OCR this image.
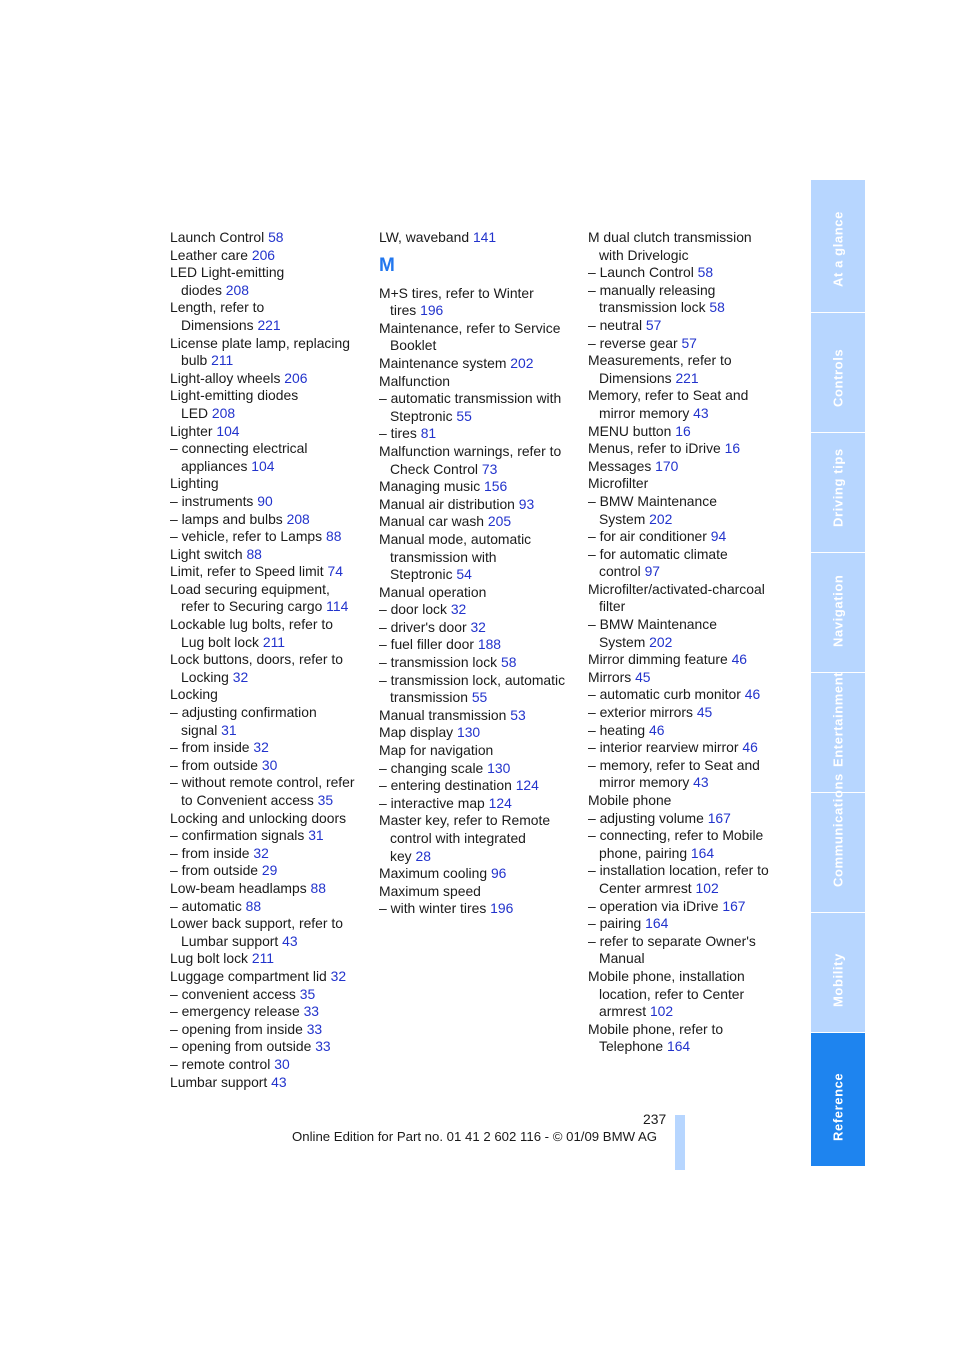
Launch Control 58
Leather care 206
LED Light-emitting
diodes 208
Length, refer to
Dimensions 221
License plate lamp, replacing
bulb 211
Light-alloy wheels 206
Light-emitting diodes
LED 208
Lighter 104
– connecting electrical
appliances 104
Lighting
– instruments 90
– lamps and bulbs 208
– vehicle, refer to Lamps 88
Light switch 88
Limit, refer to Speed limit 74
Load securing equipment,
refer to Securing cargo 114
Lockable lug bolts, refer to
Lug bolt lock 211
Lock buttons, doors, refer to
Locking 32
Locking
– adjusting confirmation
signal 31
– from inside 32
– from outside 30
– without remote control, refer
to Convenient access 35
Locking and unlocking doors
– confirmation signals 31
– from inside 32
– from outside 29
Low-beam headlamps 88
– automatic 88
Lower back support, refer to
Lumbar support 43
Lug bolt lock 211
Luggage compartment lid 32
– convenient access 35
– emergency release 33
– opening from inside 33
– opening from outside 33
– remote control 30
Lumbar support 43
LW, waveband 141
M
M+S tires, refer to Winter
tires 196
Maintenance, refer to Service
Booklet
Maintenance system 202
Malfunction
– automatic transmission with
Steptronic 55
– tires 81
Malfunction warnings, refer to
Check Control 73
Managing music 156
Manual air distribution 93
Manual car wash 205
Manual mode, automatic
transmission with
Steptronic 54
Manual operation
– door lock 32
– driver's door 32
– fuel filler door 188
– transmission lock 58
– transmission lock, automatic
transmission 55
Manual transmission 53
Map display 130
Map for navigation
– changing scale 130
– entering destination 124
– interactive map 124
Master key, refer to Remote
control with integrated
key 28
Maximum cooling 96
Maximum speed
– with winter tires 196
M dual clutch transmission
with Drivelogic
– Launch Control 58
– manually releasing
transmission lock 58
– neutral 57
– reverse gear 57
Measurements, refer to
Dimensions 221
Memory, refer to Seat and
mirror memory 43
MENU button 16
Menus, refer to iDrive 16
Messages 170
Microfilter
– BMW Maintenance
System 202
– for air conditioner 94
– for automatic climate
control 97
Microfilter/activated-charcoal
filter
– BMW Maintenance
System 202
Mirror dimming feature 46
Mirrors 45
– automatic curb monitor 46
– exterior mirrors 45
– heating 46
– interior rearview mirror 46
– memory, refer to Seat and
mirror memory 43
Mobile phone
– adjusting volume 167
– connecting, refer to Mobile
phone, pairing 164
– installation location, refer to
Center armrest 102
– operation via iDrive 167
– pairing 164
– refer to separate Owner's
Manual
Mobile phone, installation
location, refer to Center
armrest 102
Mobile phone, refer to
Telephone 164
At a glance
Controls
Driving tips
Navigation
Entertainment
Communications
Mobility
Reference
237
Online Edition for Part no. 01 41 2 602 116 - © 01/09 BMW AG
